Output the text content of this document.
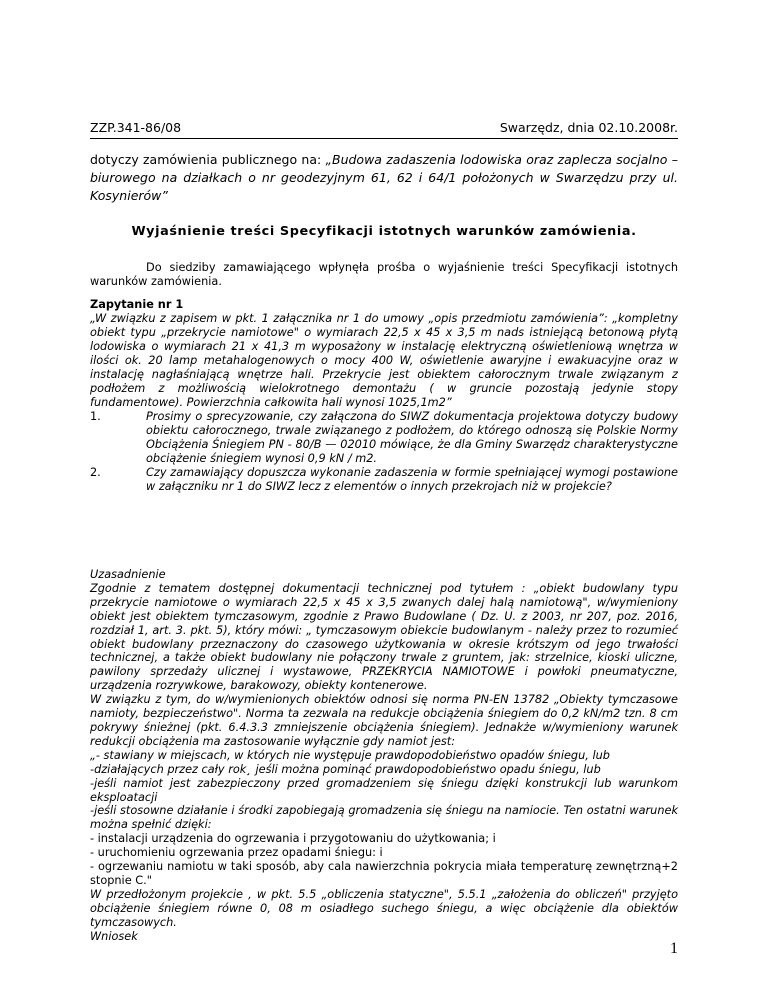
ZZP.341-86/08	Swarzędz, dnia 02.10.2008r.

dotyczy zamówienia publicznego na: „Budowa zadaszenia lodowiska oraz zaplecza socjalno – biurowego na działkach o nr geodezyjnym 61, 62 i 64/1 położonych w Swarzędzu przy ul. Kosynierów”

Wyjaśnienie treści Specyfikacji istotnych warunków zamówienia.

Do siedziby zamawiającego wpłynęła prośba o wyjaśnienie treści Specyfikacji istotnych warunków zamówienia.

Zapytanie nr 1
„W związku z zapisem w pkt. 1 załącznika nr 1 do umowy „opis przedmiotu zamówienia”: „kompletny obiekt typu „przekrycie namiotowe" o wymiarach 22,5 x 45 x 3,5 m nads istniejącą betonową płytą lodowiska o wymiarach 21 x 41,3 m wyposażony w instalację elektryczną oświetleniową wnętrza w ilości ok. 20 lamp metahalogenowych o mocy 400 W, oświetlenie awaryjne i ewakuacyjne oraz w instalację nagłaśniającą wnętrze hali. Przekrycie jest obiektem całorocznym trwale związanym z podłożem z możliwością wielokrotnego demontażu ( w gruncie pozostają jedynie stopy fundamentowe). Powierzchnia całkowita hali wynosi 1025,1m2”
1.	Prosimy o sprecyzowanie, czy załączona do SIWZ dokumentacja projektowa dotyczy budowy obiektu całorocznego, trwale związanego z podłożem, do którego odnoszą się Polskie Normy Obciążenia Śniegiem PN - 80/B — 02010 mówiące, że dla Gminy Swarzędz charakterystyczne obciążenie śniegiem wynosi 0,9 kN / m2.
2.	Czy zamawiający dopuszcza wykonanie zadaszenia w formie spełniającej wymogi postawione w załączniku nr 1 do SIWZ lecz z elementów o innych przekrojach niż w projekcie?
Uzasadnienie
Zgodnie z tematem dostępnej dokumentacji technicznej pod tytułem : „obiekt budowlany typu przekrycie namiotowe o wymiarach 22,5 x 45 x 3,5 zwanych dalej halą namiotową", w/wymieniony obiekt jest obiektem tymczasowym, zgodnie z Prawo Budowlane ( Dz. U. z 2003, nr 207, poz. 2016, rozdział 1, art. 3. pkt. 5), który mówi: „ tymczasowym obiekcie budowlanym - należy przez to rozumieć obiekt budowlany przeznaczony do czasowego użytkowania w okresie krótszym od jego trwałości technicznej, a także obiekt budowlany nie połączony trwale z gruntem, jak: strzelnice, kioski uliczne, pawilony sprzedaży ulicznej i wystawowe, PRZEKRYCIA NAMIOTOWE i powłoki pneumatyczne, urządzenia rozrywkowe, barakowozy, obiekty kontenerowe.
W związku z tym, do w/wymienionych obiektów odnosi się norma PN-EN 13782 „Obiekty tymczasowe namioty, bezpieczeństwo". Norma ta zezwala na redukcje obciążenia śniegiem do 0,2 kN/m2 tzn. 8 cm pokrywy śnieżnej (pkt. 6.4.3.3 zmniejszenie obciążenia śniegiem). Jednakże w/wymieniony warunek redukcji obciążenia ma zastosowanie wyłącznie gdy namiot jest:
„- stawiany w miejscach, w których nie występuje prawdopodobieństwo opadów śniegu, lub
-działających przez cały rok¸ jeśli można pominąć prawdopodobieństwo opadu śniegu, lub
-jeśli namiot jest zabezpieczony przed gromadzeniem się śniegu dzięki konstrukcji lub warunkom eksploatacji
-jeśli stosowne działanie i środki zapobiegają gromadzenia się śniegu na namiocie. Ten ostatni warunek można spełnić dzięki:
- instalacji urządzenia do ogrzewania i przygotowaniu do użytkowania; i
- uruchomieniu ogrzewania przez opadami śniegu: i
- ogrzewaniu namiotu w taki sposób, aby cala nawierzchnia pokrycia miała temperaturę zewnętrzną+2 stopnie C."
W przedłożonym projekcie , w pkt. 5.5 „obliczenia statyczne", 5.5.1 „założenia do obliczeń" przyjęto obciążenie śniegiem równe 0, 08 m osiadłego suchego śniegu, a więc obciążenie dla obiektów tymczasowych.
Wniosek
1
